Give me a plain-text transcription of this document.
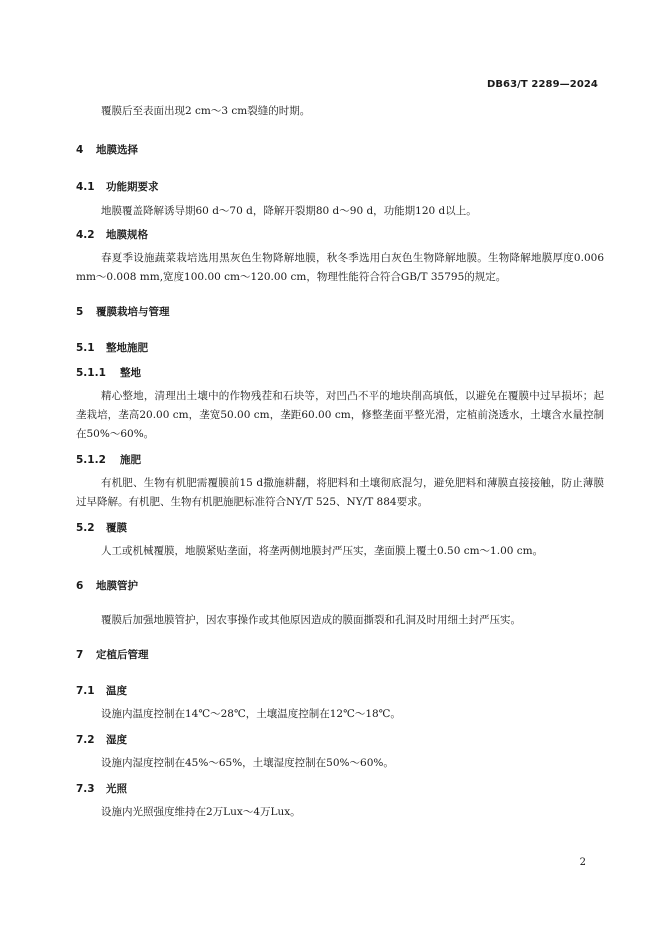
DB63/T 2289—2024

覆膜后至表面出现2 cm～3 cm裂缝的时期。

4 地膜选择
4.1 功能期要求

地膜覆盖降解诱导期60 d～70 d，降解开裂期80 d～90 d，功能期120 d以上。

4.2 地膜规格

春夏季设施蔬菜栽培选用黑灰色生物降解地膜，秋冬季选用白灰色生物降解地膜。生物降解地膜厚度0.006 mm～0.008 mm,宽度100.00 cm～120.00 cm，物理性能符合符合GB/T 35795的规定。

5 覆膜栽培与管理
5.1 整地施肥
5.1.1 整地

精心整地，清理出土壤中的作物残茬和石块等，对凹凸不平的地块削高填低，以避免在覆膜中过早损坏；起垄栽培，垄高20.00 cm，垄宽50.00 cm，垄距60.00 cm，修整垄面平整光滑，定植前浇透水，土壤含水量控制在50%～60%。

5.1.2 施肥

有机肥、生物有机肥需覆膜前15 d撒施耕翻，将肥料和土壤彻底混匀，避免肥料和薄膜直接接触，防止薄膜过早降解。有机肥、生物有机肥施肥标准符合NY/T 525、NY/T 884要求。

5.2 覆膜

人工或机械覆膜，地膜紧贴垄面，将垄两侧地膜封严压实，垄面膜上覆土0.50 cm～1.00 cm。

6 地膜管护

覆膜后加强地膜管护，因农事操作或其他原因造成的膜面撕裂和孔洞及时用细土封严压实。

7 定植后管理
7.1 温度

设施内温度控制在14℃～28℃，土壤温度控制在12℃～18℃。

7.2 湿度

设施内湿度控制在45%～65%，土壤湿度控制在50%～60%。

7.3 光照

设施内光照强度维持在2万Lux～4万Lux。

2
